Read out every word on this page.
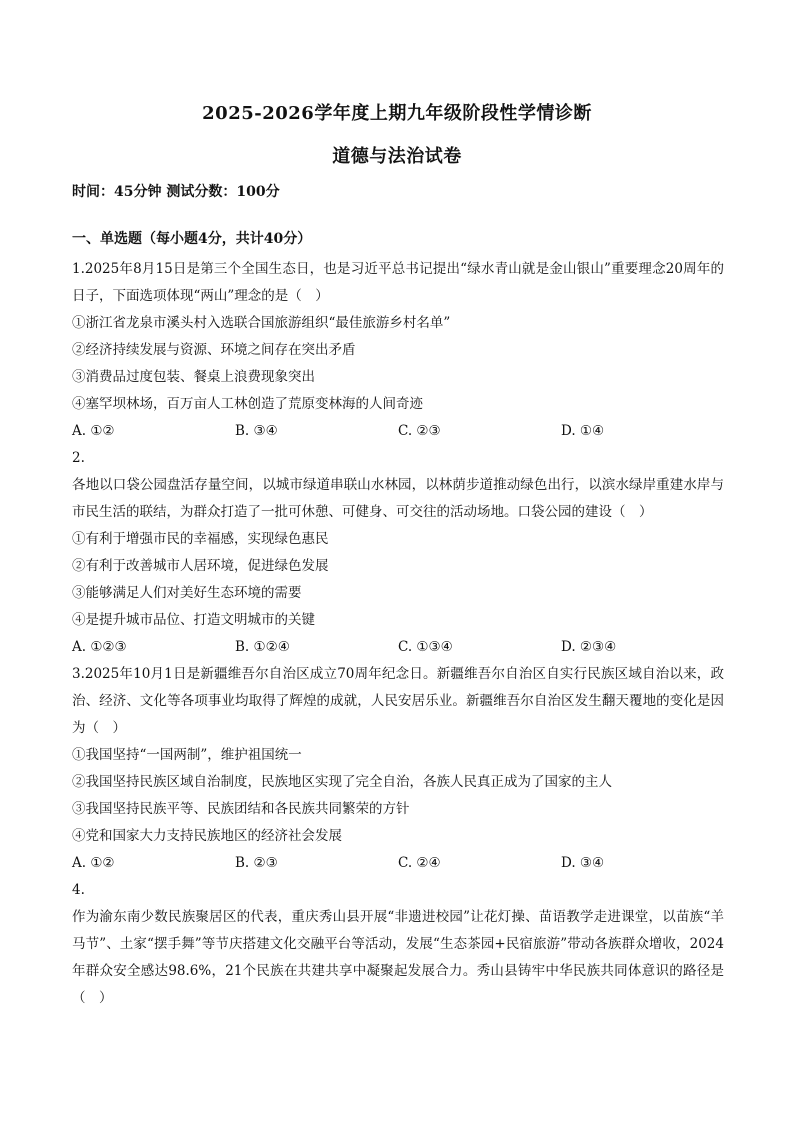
2025-2026学年度上期九年级阶段性学情诊断
道德与法治试卷
时间：45分钟 测试分数：100分
一、单选题（每小题4分，共计40分）
1.2025年8月15日是第三个全国生态日，也是习近平总书记提出“绿水青山就是金山银山”重要理念20周年的日子，下面选项体现“两山”理念的是（　）
①浙江省龙泉市溪头村入选联合国旅游组织“最佳旅游乡村名单”
②经济持续发展与资源、环境之间存在突出矛盾
③消费品过度包装、餐桌上浪费现象突出
④塞罕坝林场，百万亩人工林创造了荒原变林海的人间奇迹
A. ①②	B. ③④	C. ②③	D. ①④
2.
各地以口袋公园盘活存量空间，以城市绿道串联山水林园，以林荫步道推动绿色出行，以滨水绿岸重建水岸与市民生活的联结，为群众打造了一批可休憩、可健身、可交往的活动场地。口袋公园的建设（　）
①有利于增强市民的幸福感，实现绿色惠民
②有利于改善城市人居环境，促进绿色发展
③能够满足人们对美好生态环境的需要
④是提升城市品位、打造文明城市的关键
A. ①②③	B. ①②④	C. ①③④	D. ②③④
3.2025年10月1日是新疆维吾尔自治区成立70周年纪念日。新疆维吾尔自治区自实行民族区域自治以来，政治、经济、文化等各项事业均取得了辉煌的成就，人民安居乐业。新疆维吾尔自治区发生翻天覆地的变化是因为（　）
①我国坚持“一国两制”，维护祖国统一
②我国坚持民族区域自治制度，民族地区实现了完全自治，各族人民真正成为了国家的主人
③我国坚持民族平等、民族团结和各民族共同繁荣的方针
④党和国家大力支持民族地区的经济社会发展
A. ①②	B. ②③	C. ②④	D. ③④
4.
作为渝东南少数民族聚居区的代表，重庆秀山县开展“非遗进校园”让花灯操、苗语教学走进课堂，以苗族“羊马节”、土家“摆手舞”等节庆搭建文化交融平台等活动，发展“生态茶园+民宿旅游”带动各族群众增收，2024年群众安全感达98.6%，21个民族在共建共享中凝聚起发展合力。秀山县铸牢中华民族共同体意识的路径是（　）
